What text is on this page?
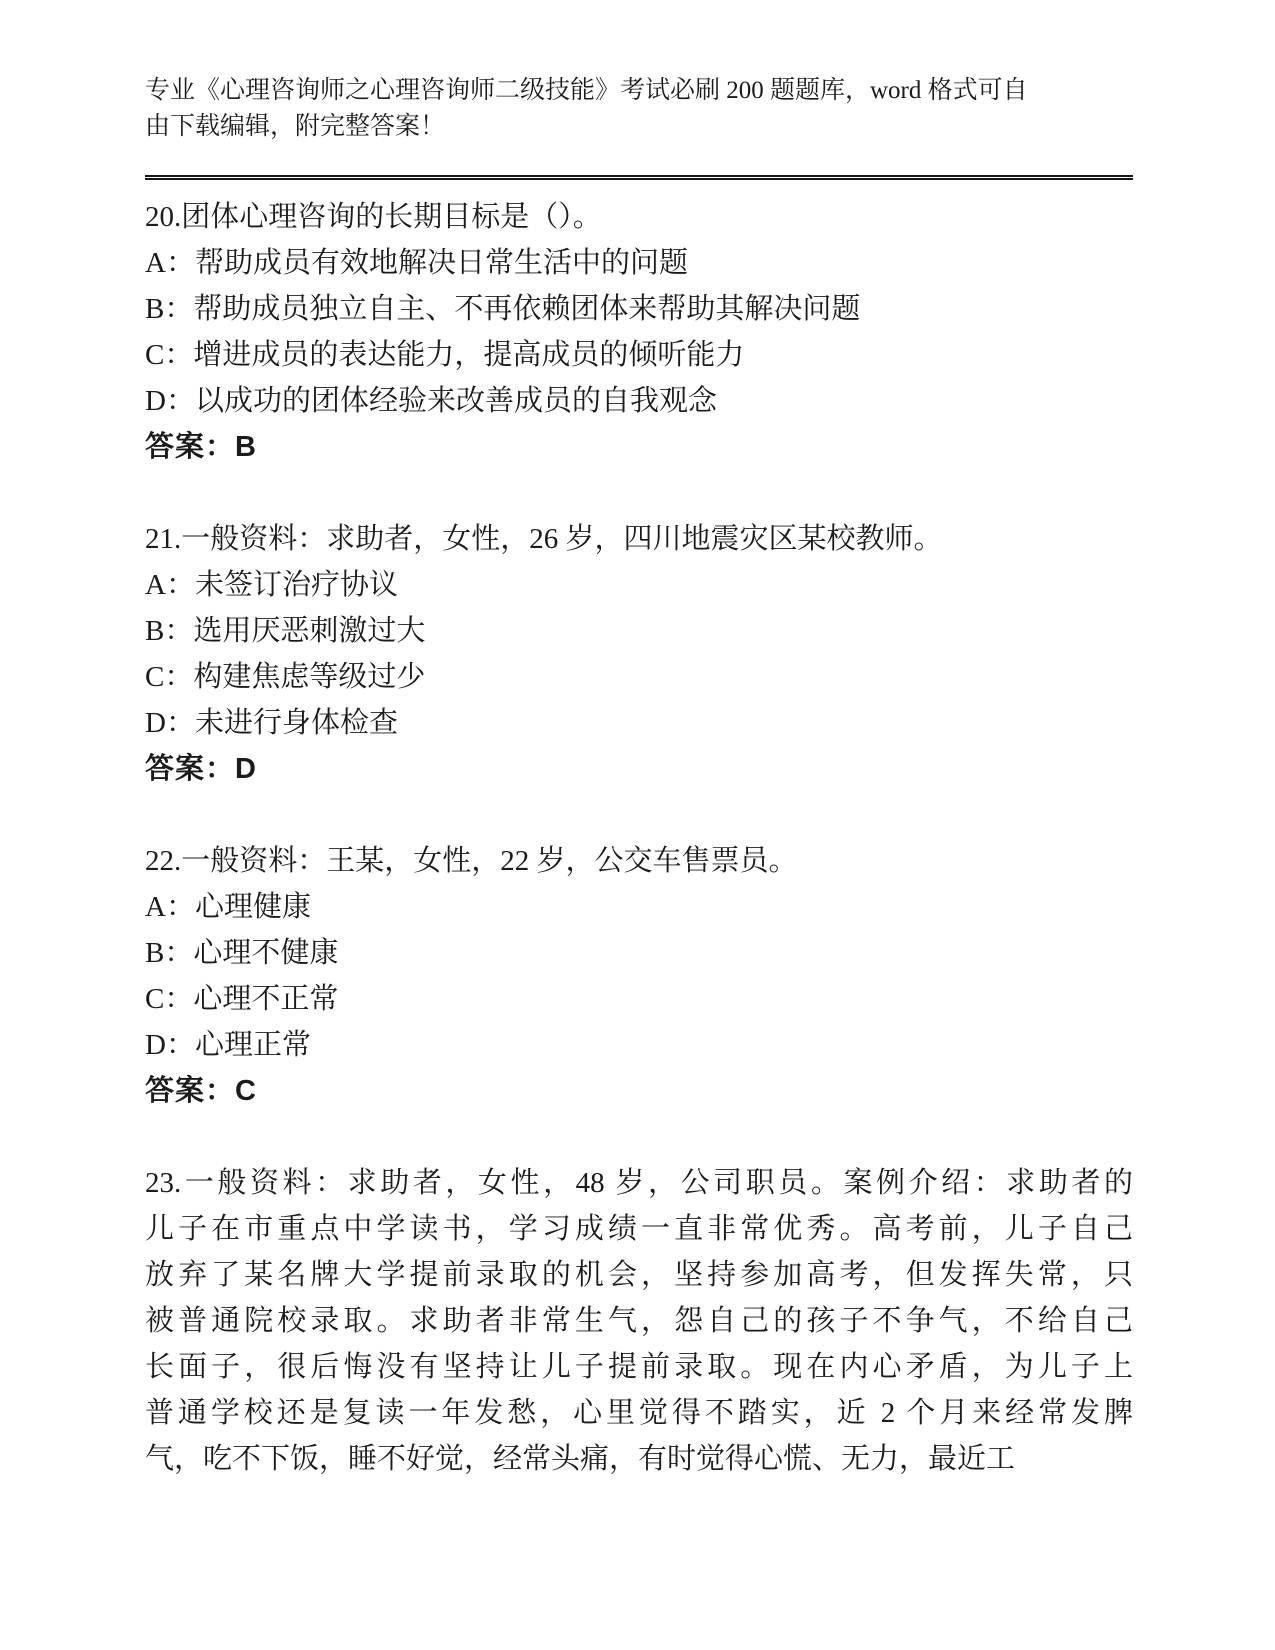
专业《心理咨询师之心理咨询师二级技能》考试必刷 200 题题库，word 格式可自
由下载编辑，附完整答案！
20.团体心理咨询的长期目标是（）。
A：帮助成员有效地解决日常生活中的问题
B：帮助成员独立自主、不再依赖团体来帮助其解决问题
C：增进成员的表达能力，提高成员的倾听能力
D：以成功的团体经验来改善成员的自我观念
答案：B
21.一般资料：求助者，女性，26 岁，四川地震灾区某校教师。
A：未签订治疗协议
B：选用厌恶刺激过大
C：构建焦虑等级过少
D：未进行身体检查
答案：D
22.一般资料：王某，女性，22 岁，公交车售票员。
A：心理健康
B：心理不健康
C：心理不正常
D：心理正常
答案：C
23.一般资料：求助者，女性，48 岁，公司职员。案例介绍：求助者的
儿子在市重点中学读书，学习成绩一直非常优秀。高考前，儿子自己
放弃了某名牌大学提前录取的机会，坚持参加高考，但发挥失常，只
被普通院校录取。求助者非常生气，怨自己的孩子不争气，不给自己
长面子，很后悔没有坚持让儿子提前录取。现在内心矛盾，为儿子上
普通学校还是复读一年发愁，心里觉得不踏实，近 2 个月来经常发脾
气，吃不下饭，睡不好觉，经常头痛，有时觉得心慌、无力，最近工
